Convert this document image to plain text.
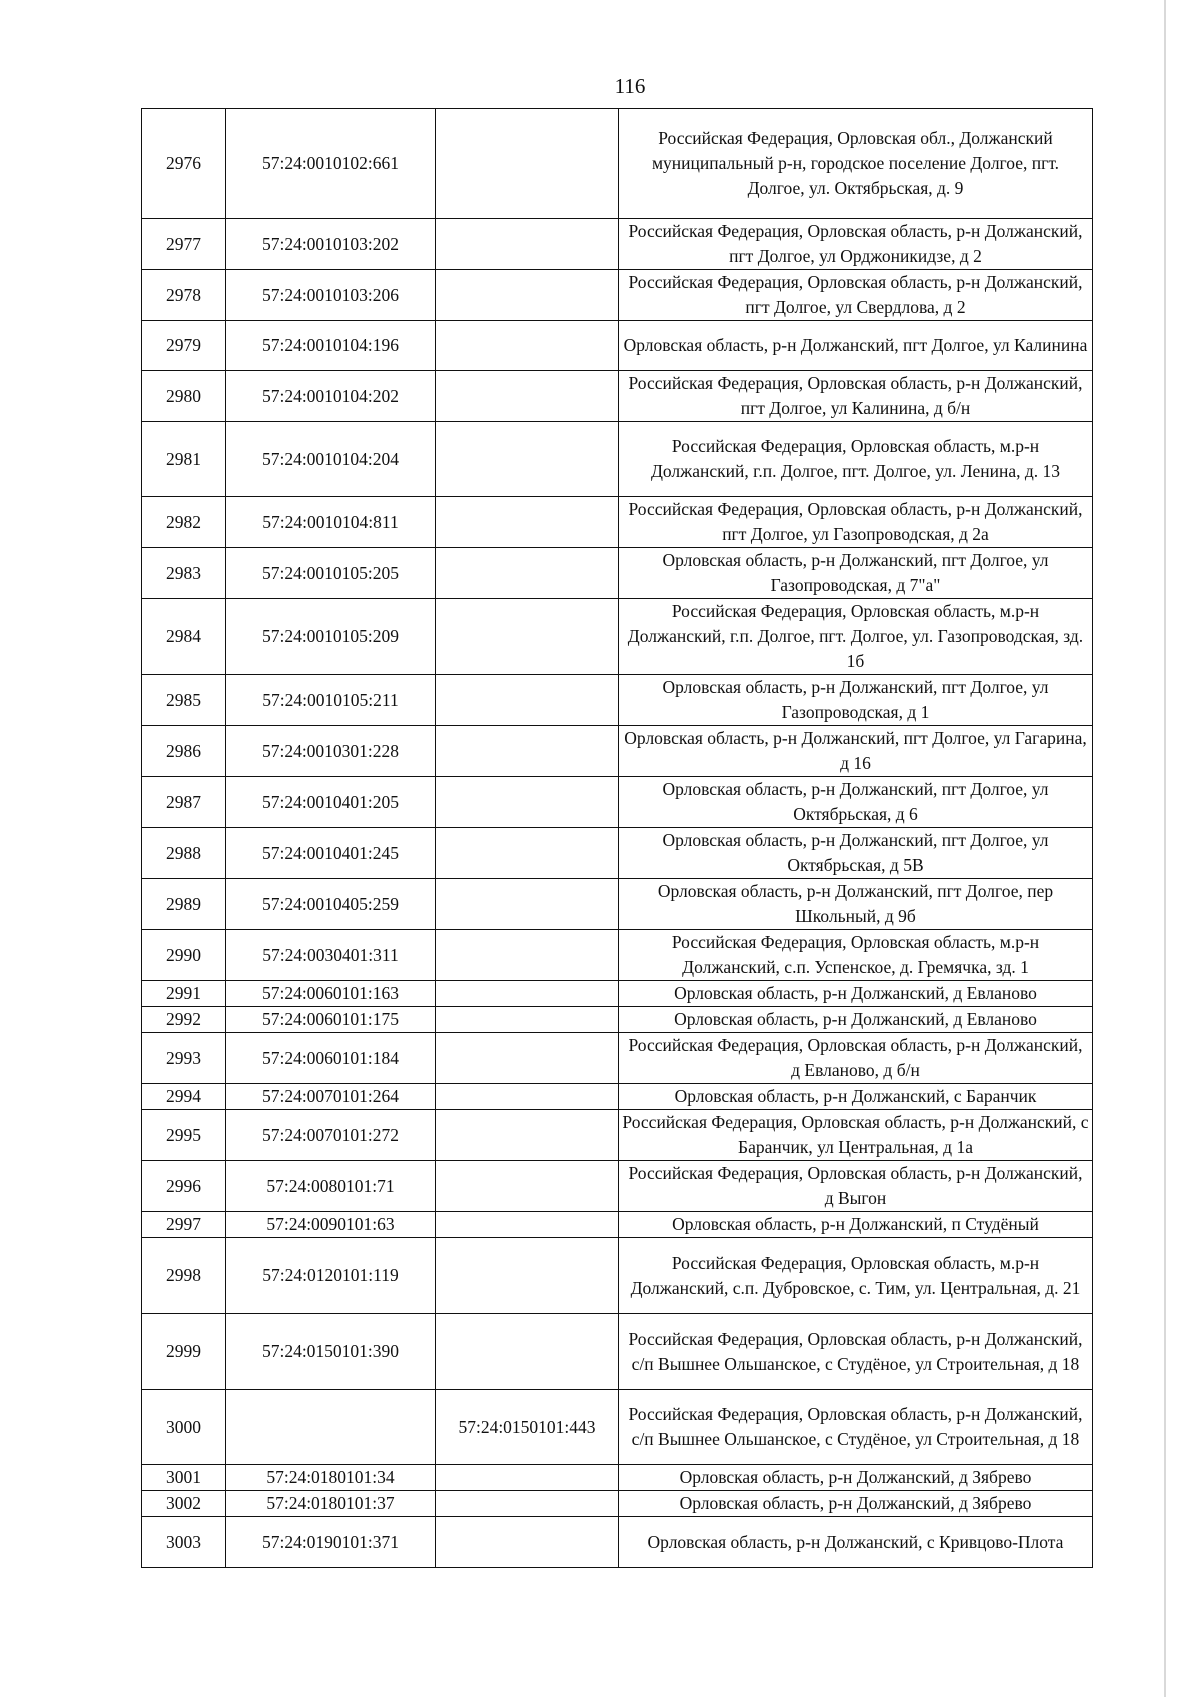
116
2976	57:24:0010102:661		Российская Федерация, Орловская обл., Должанский муниципальный р-н, городское поселение Долгое, пгт. Долгое, ул. Октябрьская, д. 9
2977	57:24:0010103:202		Российская Федерация, Орловская область, р-н Должанский, пгт Долгое, ул Орджоникидзе, д 2
2978	57:24:0010103:206		Российская Федерация, Орловская область, р-н Должанский, пгт Долгое, ул Свердлова, д 2
2979	57:24:0010104:196		Орловская область, р-н Должанский, пгт Долгое, ул Калинина
2980	57:24:0010104:202		Российская Федерация, Орловская область, р-н Должанский, пгт Долгое, ул Калинина, д б/н
2981	57:24:0010104:204		Российская Федерация, Орловская область, м.р-н Должанский, г.п. Долгое, пгт. Долгое, ул. Ленина, д. 13
2982	57:24:0010104:811		Российская Федерация, Орловская область, р-н Должанский, пгт Долгое, ул Газопроводская, д 2а
2983	57:24:0010105:205		Орловская область, р-н Должанский, пгт Долгое, ул Газопроводская, д 7"а"
2984	57:24:0010105:209		Российская Федерация, Орловская область, м.р-н Должанский, г.п. Долгое, пгт. Долгое, ул. Газопроводская, зд. 1б
2985	57:24:0010105:211		Орловская область, р-н Должанский, пгт Долгое, ул Газопроводская, д 1
2986	57:24:0010301:228		Орловская область, р-н Должанский, пгт Долгое, ул Гагарина, д 16
2987	57:24:0010401:205		Орловская область, р-н Должанский, пгт Долгое, ул Октябрьская, д 6
2988	57:24:0010401:245		Орловская область, р-н Должанский, пгт Долгое, ул Октябрьская, д 5В
2989	57:24:0010405:259		Орловская область, р-н Должанский, пгт Долгое, пер Школьный, д 9б
2990	57:24:0030401:311		Российская Федерация, Орловская область, м.р-н Должанский, с.п. Успенское, д. Гремячка, зд. 1
2991	57:24:0060101:163		Орловская область, р-н Должанский, д Евланово
2992	57:24:0060101:175		Орловская область, р-н Должанский, д Евланово
2993	57:24:0060101:184		Российская Федерация, Орловская область, р-н Должанский, д Евланово, д б/н
2994	57:24:0070101:264		Орловская область, р-н Должанский, с Баранчик
2995	57:24:0070101:272		Российская Федерация, Орловская область, р-н Должанский, с Баранчик, ул Центральная, д 1а
2996	57:24:0080101:71		Российская Федерация, Орловская область, р-н Должанский, д Выгон
2997	57:24:0090101:63		Орловская область, р-н Должанский, п Студёный
2998	57:24:0120101:119		Российская Федерация, Орловская область, м.р-н Должанский, с.п. Дубровское, с. Тим, ул. Центральная, д. 21
2999	57:24:0150101:390		Российская Федерация, Орловская область, р-н Должанский, с/п Вышнее Ольшанское, с Студёное, ул Строительная, д 18
3000		57:24:0150101:443	Российская Федерация, Орловская область, р-н Должанский, с/п Вышнее Ольшанское, с Студёное, ул Строительная, д 18
3001	57:24:0180101:34		Орловская область, р-н Должанский, д Зябрево
3002	57:24:0180101:37		Орловская область, р-н Должанский, д Зябрево
3003	57:24:0190101:371		Орловская область, р-н Должанский, с Кривцово-Плота
